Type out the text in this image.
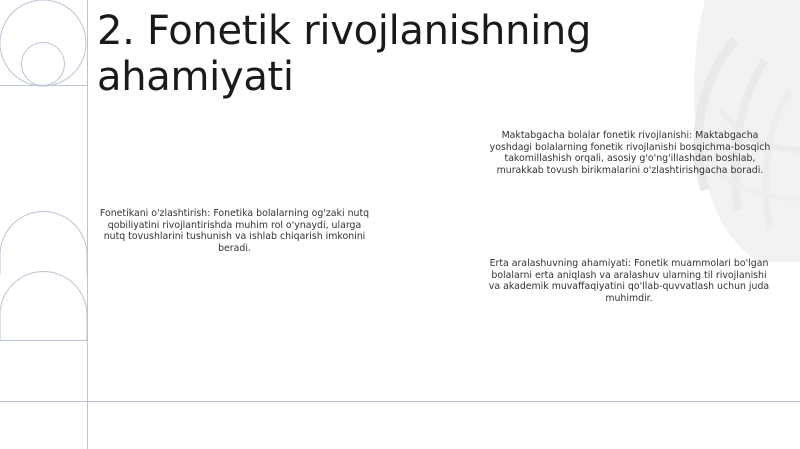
2. Fonetik rivojlanishning ahamiyati

Maktabgacha bolalar fonetik rivojlanishi: Maktabgacha yoshdagi bolalarning fonetik rivojlanishi bosqichma-bosqich takomillashish orqali, asosiy g'o'ng'illashdan boshlab, murakkab tovush birikmalarini o'zlashtirishgacha boradi.

Fonetikani o'zlashtirish: Fonetika bolalarning og'zaki nutq qobiliyatini rivojlantirishda muhim rol o'ynaydi, ularga nutq tovushlarini tushunish va ishlab chiqarish imkonini beradi.

Erta aralashuvning ahamiyati: Fonetik muammolari bo'lgan bolalarni erta aniqlash va aralashuv ularning til rivojlanishi va akademik muvaffaqiyatini qo'llab-quvvatlash uchun juda muhimdir.
